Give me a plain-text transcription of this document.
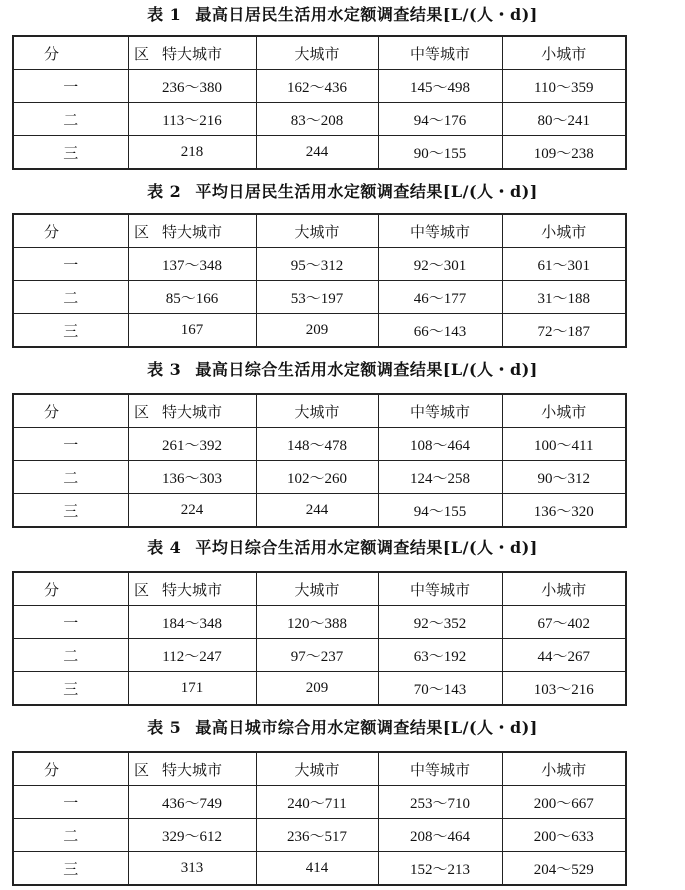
表 1 最高日居民生活用水定额调查结果[L/(人・d)]
分　区	特大城市	大城市	中等城市	小城市
一	236～380	162～436	145～498	110～359
二	113～216	83～208	94～176	80～241
三	218	244	90～155	109～238
表 2 平均日居民生活用水定额调查结果[L/(人・d)]
分　区	特大城市	大城市	中等城市	小城市
一	137～348	95～312	92～301	61～301
二	85～166	53～197	46～177	31～188
三	167	209	66～143	72～187
表 3 最高日综合生活用水定额调查结果[L/(人・d)]
分　区	特大城市	大城市	中等城市	小城市
一	261～392	148～478	108～464	100～411
二	136～303	102～260	124～258	90～312
三	224	244	94～155	136～320
表 4 平均日综合生活用水定额调查结果[L/(人・d)]
分　区	特大城市	大城市	中等城市	小城市
一	184～348	120～388	92～352	67～402
二	112～247	97～237	63～192	44～267
三	171	209	70～143	103～216
表 5 最高日城市综合用水定额调查结果[L/(人・d)]
分　区	特大城市	大城市	中等城市	小城市
一	436～749	240～711	253～710	200～667
二	329～612	236～517	208～464	200～633
三	313	414	152～213	204～529
